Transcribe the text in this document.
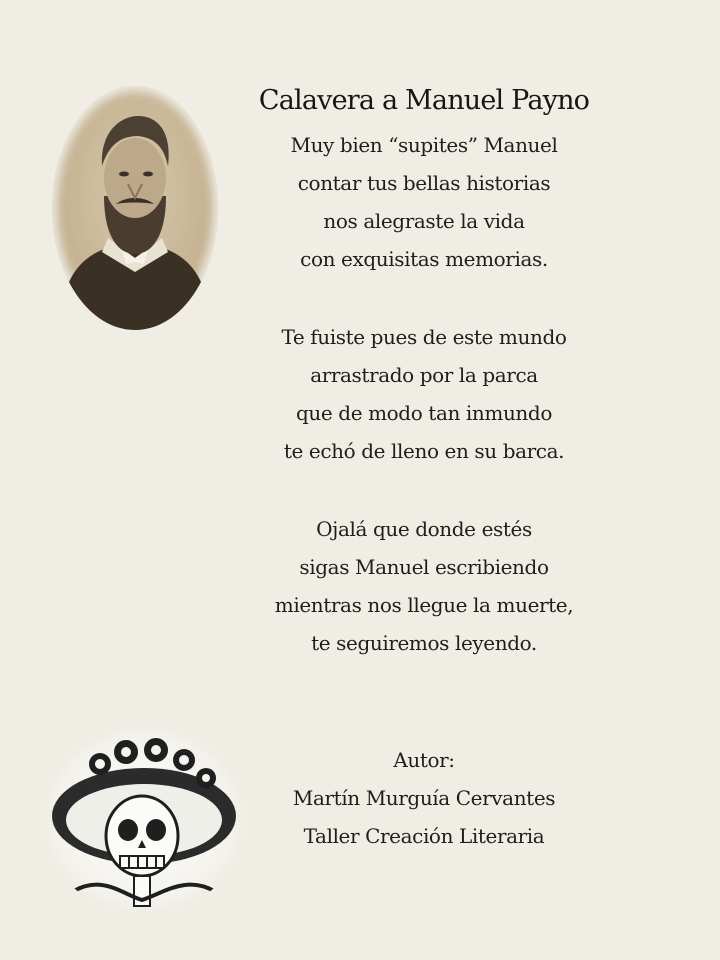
Calavera a Manuel Payno
Muy bien “supites” Manuel
contar tus bellas historias
nos alegraste la vida
con exquisitas memorias.
Te fuiste pues de este mundo
arrastrado por la parca
que de modo tan inmundo
te echó de lleno en su barca.
Ojalá que donde estés
sigas Manuel escribiendo
mientras nos llegue la muerte,
te seguiremos leyendo.
Autor:
Martín Murguía Cervantes
Taller Creación Literaria
